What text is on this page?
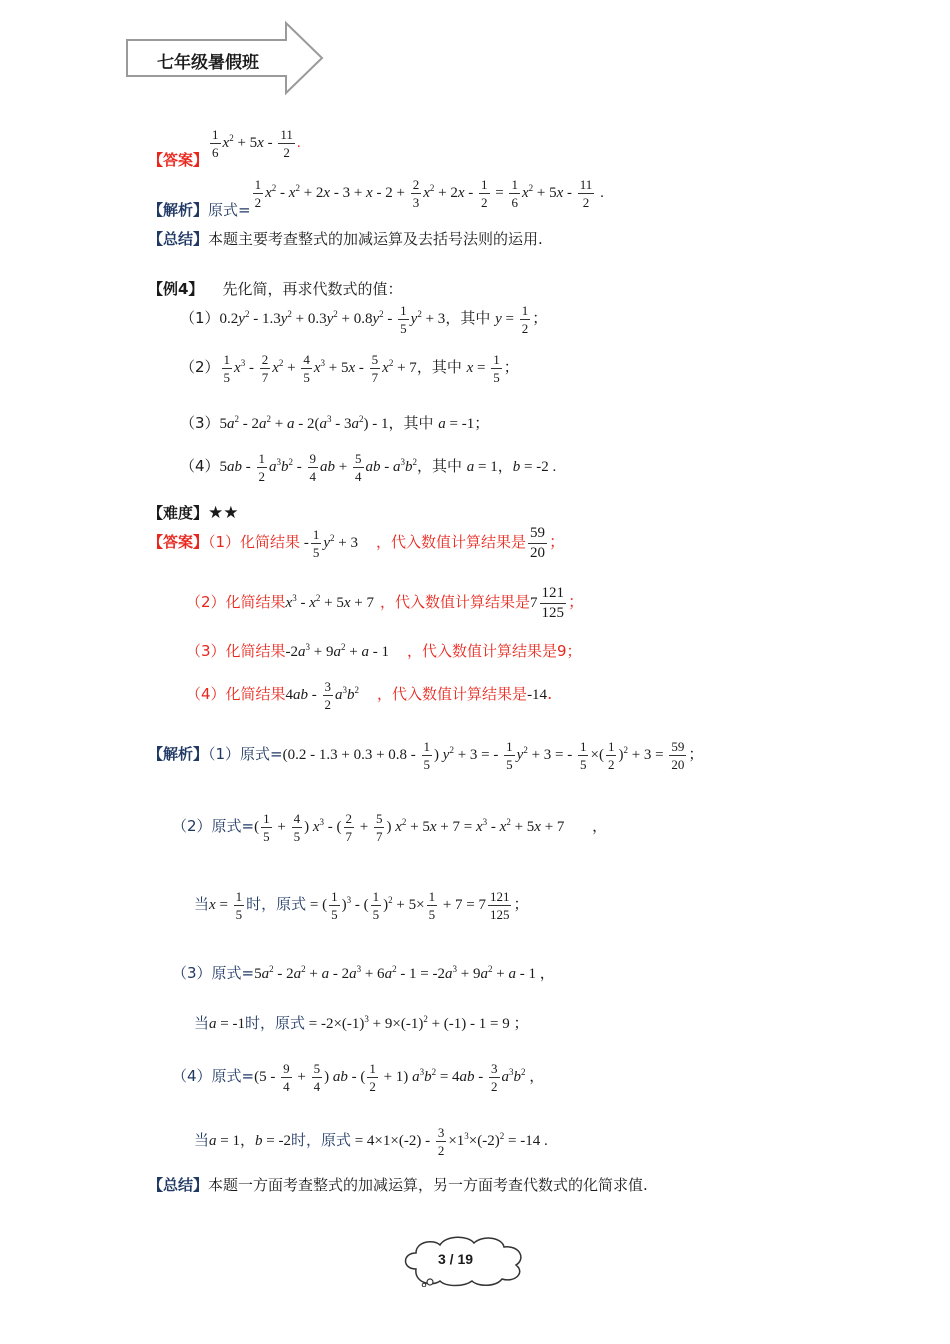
七年级暑假班
【答案】
$\frac{1}{6} x^2 + 5x - \frac{11}{2}$ .
【解析】原式=
$\frac{1}{2} x^2 - x^2 + 2x - 3 + x - 2 + \frac{2}{3} x^2 + 2x - \frac{1}{2} = \frac{1}{6} x^2 + 5x - \frac{11}{2}$ .
【总结】本题主要考查整式的加减运算及去括号法则的运用.
【例4】 先化简，再求代数式的值：
$(1)0.2y^2 - 1.3y^2 + 0.3y^2 + 0.8y^2 - \frac{1}{5} y^2 + 3$，其中 $y = \frac{1}{2}$ ；
$(2) \frac{1}{5} x^3 - \frac{2}{7} x^2 + \frac{4}{5} x^3 + 5x - \frac{5}{7} x^2 + 7$，其中 $x = \frac{1}{5}$ ；
$(3)5a^2 - 2a^2 + a - 2(a^3 - 3a^2) - 1$，其中 a = -1；
$(4)5ab - \frac{1}{2} a^3b^2 - \frac{9}{4}$ ab + $\frac{5}{4}$ ab - $a^3b^2$，其中 a = 1，b = -2 .
【难度】★★
【答案】（1）化简结果 - $\frac{1}{5} y^2 + 3$ ，代入数值计算结果是 $\frac{59}{20}$ ；
（2）化简结果$x^3 - x^2 + 5x + 7$ ，代入数值计算结果是$7 \frac{121}{125}$ ；
（3）化简结果$-2a^3 + 9a^2 + a - 1$ ，代入数值计算结果是9；
（4）化简结果$4ab - \frac{3}{2} a^3b^2$ ，代入数值计算结果是-14.
【解析】（1）原式$=(0.2 - 1.3 + 0.3 + 0.8 - \frac{1}{5}$ ) $y^2 + 3$ = - $\frac{1}{5} y^2 + 3$ = - $\frac{1}{5}$ ×( $\frac{1}{2} )^2 + 3 = \frac{59}{20}$ ；
（2）原式=( $\frac{1}{5} + \frac{4}{5}$ ) $x^3$ - ( $\frac{2}{7} + \frac{5}{7}$ ) $x^2 + 5x + 7 = x^3 - x^2 + 5x + 7$ ，
当$x = \frac{1}{5}$ 时，原式 = ( $\frac{1}{5} )^3$ - ( $\frac{1}{5} )^2 + 5\times \frac{1}{5} + 7 = 7 \frac{121}{125}$ ；
（3）原式$=5a^2 - 2a^2 + a - 2a^3 + 6a^2 - 1 = -2a^3 + 9a^2 + a - 1$ ，
当a = -1时，原式 = $-2\times(-1)^3 + 9\times(-1)^2 + (-1) - 1 = 9$ ；
（4）原式$=(5 - \frac{9}{4} + \frac{5}{4}$ ) ab - ( $\frac{1}{2} + 1$) $a^3b^2 = 4ab - \frac{3}{2} a^3b^2$ ，
当a = 1，b = -2时，原式 = $4\times 1\times(-2) - \frac{3}{2} \times 1^3\times(-2)^2 = -14$ .
【总结】本题一方面考查整式的加减运算，另一方面考查代数式的化简求值.
3 / 19
